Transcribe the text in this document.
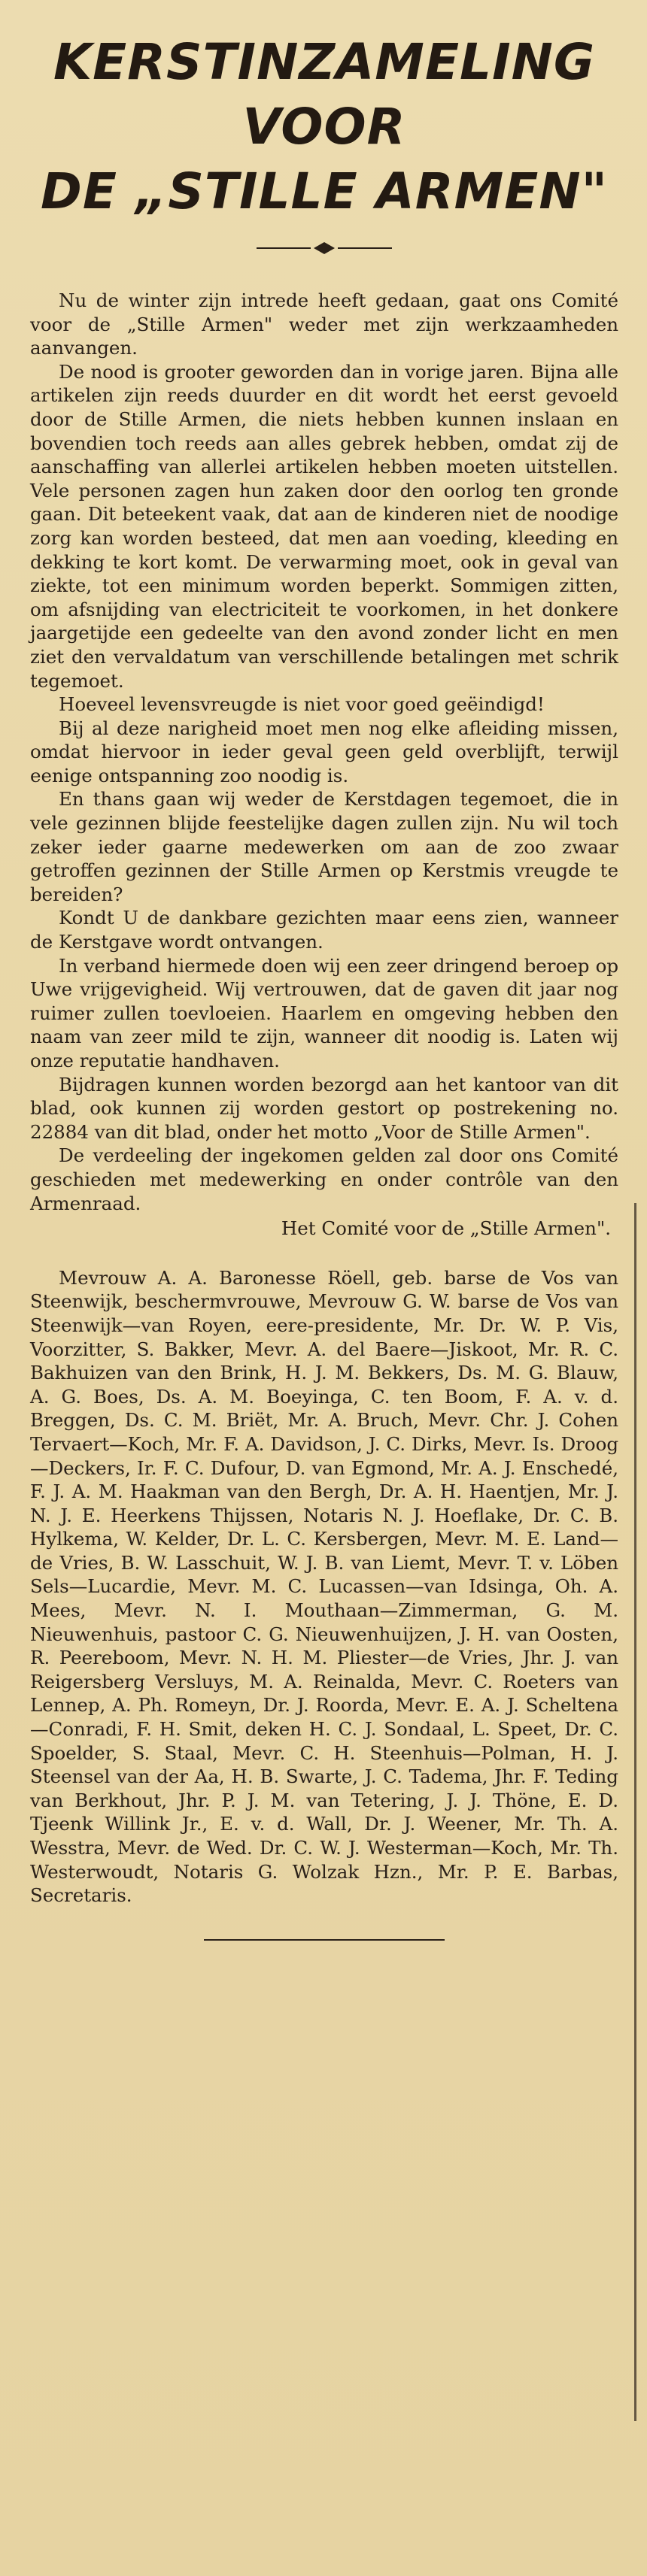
KERSTINZAMELING VOOR
DE „STILLE ARMEN"

Nu de winter zijn intrede heeft gedaan, gaat ons Comité voor de „Stille Armen" weder met zijn werkzaamheden aanvangen.

De nood is grooter geworden dan in vorige jaren. Bijna alle artikelen zijn reeds duurder en dit wordt het eerst gevoeld door de Stille Armen, die niets hebben kunnen inslaan en bovendien toch reeds aan alles gebrek hebben, omdat zij de aanschaffing van allerlei artikelen hebben moeten uitstellen. Vele personen zagen hun zaken door den oorlog ten gronde gaan. Dit beteekent vaak, dat aan de kinderen niet de noodige zorg kan worden besteed, dat men aan voeding, kleeding en dekking te kort komt. De verwarming moet, ook in geval van ziekte, tot een minimum worden beperkt. Sommigen zitten, om afsnijding van electriciteit te voorkomen, in het donkere jaargetijde een gedeelte van den avond zonder licht en men ziet den vervaldatum van verschillende betalingen met schrik tegemoet.

Hoeveel levensvreugde is niet voor goed geëindigd!

Bij al deze narigheid moet men nog elke afleiding missen, omdat hiervoor in ieder geval geen geld overblijft, terwijl eenige ontspanning zoo noodig is.

En thans gaan wij weder de Kerstdagen tegemoet, die in vele gezinnen blijde feestelijke dagen zullen zijn. Nu wil toch zeker ieder gaarne medewerken om aan de zoo zwaar getroffen gezinnen der Stille Armen op Kerstmis vreugde te bereiden?

Kondt U de dankbare gezichten maar eens zien, wanneer de Kerstgave wordt ontvangen.

In verband hiermede doen wij een zeer dringend beroep op Uwe vrijgevigheid. Wij vertrouwen, dat de gaven dit jaar nog ruimer zullen toevloeien. Haarlem en omgeving hebben den naam van zeer mild te zijn, wanneer dit noodig is. Laten wij onze reputatie handhaven.

Bijdragen kunnen worden bezorgd aan het kantoor van dit blad, ook kunnen zij worden gestort op postrekening no. 22884 van dit blad, onder het motto „Voor de Stille Armen".

De verdeeling der ingekomen gelden zal door ons Comité geschieden met medewerking en onder contrôle van den Armenraad.

Het Comité voor de „Stille Armen".

Mevrouw A. A. Baronesse Röell, geb. barse de Vos van Steenwijk, beschermvrouwe, Mevrouw G. W. barse de Vos van Steenwijk—van Royen, eere-presidente, Mr. Dr. W. P. Vis, Voorzitter, S. Bakker, Mevr. A. del Baere—Jiskoot, Mr. R. C. Bakhuizen van den Brink, H. J. M. Bekkers, Ds. M. G. Blauw, A. G. Boes, Ds. A. M. Boeyinga, C. ten Boom, F. A. v. d. Breggen, Ds. C. M. Briët, Mr. A. Bruch, Mevr. Chr. J. Cohen Tervaert—Koch, Mr. F. A. Davidson, J. C. Dirks, Mevr. Is. Droog—Deckers, Ir. F. C. Dufour, D. van Egmond, Mr. A. J. Enschedé, F. J. A. M. Haakman van den Bergh, Dr. A. H. Haentjen, Mr. J. N. J. E. Heerkens Thijssen, Notaris N. J. Hoeflake, Dr. C. B. Hylkema, W. Kelder, Dr. L. C. Kersbergen, Mevr. M. E. Land—de Vries, B. W. Lasschuit, W. J. B. van Liemt, Mevr. T. v. Löben Sels—Lucardie, Mevr. M. C. Lucassen—van Idsinga, Oh. A. Mees, Mevr. N. I. Mouthaan—Zimmerman, G. M. Nieuwenhuis, pastoor C. G. Nieuwenhuijzen, J. H. van Oosten, R. Peereboom, Mevr. N. H. M. Pliester—de Vries, Jhr. J. van Reigersberg Versluys, M. A. Reinalda, Mevr. C. Roeters van Lennep, A. Ph. Romeyn, Dr. J. Roorda, Mevr. E. A. J. Scheltena—Conradi, F. H. Smit, deken H. C. J. Sondaal, L. Speet, Dr. C. Spoelder, S. Staal, Mevr. C. H. Steenhuis—Polman, H. J. Steensel van der Aa, H. B. Swarte, J. C. Tadema, Jhr. F. Teding van Berkhout, Jhr. P. J. M. van Tetering, J. J. Thöne, E. D. Tjeenk Willink Jr., E. v. d. Wall, Dr. J. Weener, Mr. Th. A. Wesstra, Mevr. de Wed. Dr. C. W. J. Westerman—Koch, Mr. Th. Westerwoudt, Notaris G. Wolzak Hzn., Mr. P. E. Barbas, Secretaris.
